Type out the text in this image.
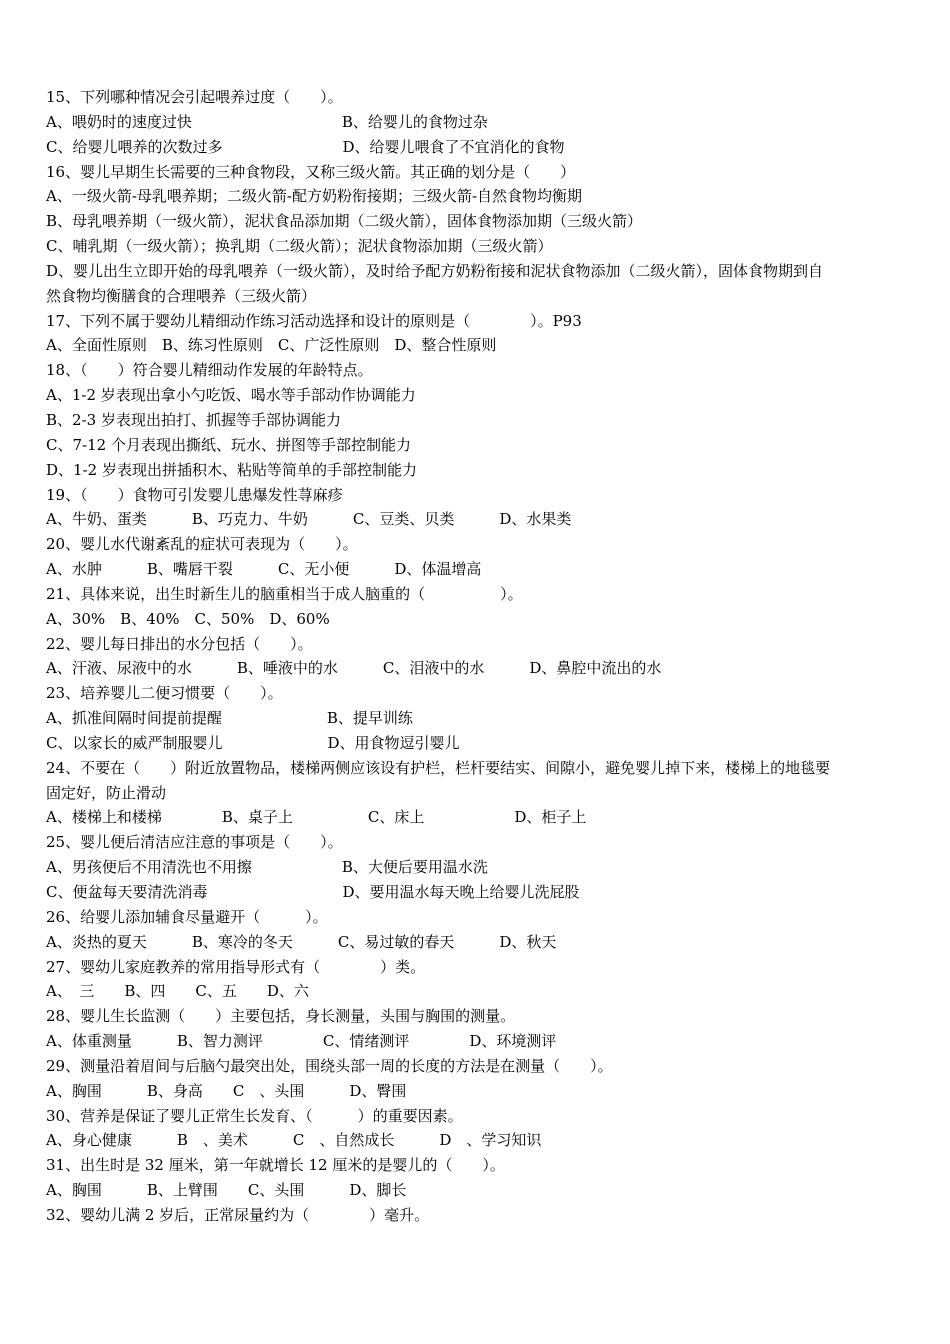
15、下列哪种情况会引起喂养过度（　　）。
A、喂奶时的速度过快　　　　　　　　　　B、给婴儿的食物过杂
C、给婴儿喂养的次数过多　　　　　　　　D、给婴儿喂食了不宜消化的食物
16、婴儿早期生长需要的三种食物段，又称三级火箭。其正确的划分是（　　）
A、一级火箭-母乳喂养期；二级火箭-配方奶粉衔接期；三级火箭-自然食物均衡期
B、母乳喂养期（一级火箭），泥状食品添加期（二级火箭），固体食物添加期（三级火箭）
C、哺乳期（一级火箭）；换乳期（二级火箭）；泥状食物添加期（三级火箭）
D、婴儿出生立即开始的母乳喂养（一级火箭），及时给予配方奶粉衔接和泥状食物添加（二级火箭），固体食物期到自
然食物均衡膳食的合理喂养（三级火箭）
17、下列不属于婴幼儿精细动作练习活动选择和设计的原则是（　　　　）。P93
A、全面性原则　B、练习性原则　C、广泛性原则　D、整合性原则
18、（　　）符合婴儿精细动作发展的年龄特点。
A、1-2 岁表现出拿小勺吃饭、喝水等手部动作协调能力
B、2-3 岁表现出拍打、抓握等手部协调能力
C、7-12 个月表现出撕纸、玩水、拼图等手部控制能力
D、1-2 岁表现出拼插积木、粘贴等简单的手部控制能力
19、（　　）食物可引发婴儿患爆发性荨麻疹
A、牛奶、蛋类　　　B、巧克力、牛奶　　　C、豆类、贝类　　　D、水果类
20、婴儿水代谢紊乱的症状可表现为（　　）。
A、水肿　　　B、嘴唇干裂　　　C、无小便　　　D、体温增高
21、具体来说，出生时新生儿的脑重相当于成人脑重的（　　　　　）。
A、30%　B、40%　C、50%　D、60%
22、婴儿每日排出的水分包括（　　）。
A、汗液、尿液中的水　　　B、唾液中的水　　　C、泪液中的水　　　D、鼻腔中流出的水
23、培养婴儿二便习惯要（　　）。
A、抓准间隔时间提前提醒　　　　　　　B、提早训练
C、以家长的威严制服婴儿　　　　　　　D、用食物逗引婴儿
24、不要在（　　）附近放置物品，楼梯两侧应该设有护栏，栏杆要结实、间隙小，避免婴儿掉下来，楼梯上的地毯要
固定好，防止滑动
A、楼梯上和楼梯　　　　B、桌子上　　　　　C、床上　　　　　　D、柜子上
25、婴儿便后清洁应注意的事项是（　　）。
A、男孩便后不用清洗也不用擦　　　　　　B、大便后要用温水洗
C、便盆每天要清洗消毒　　　　　　　　　D、要用温水每天晚上给婴儿洗屁股
26、给婴儿添加辅食尽量避开（　　　）。
A、炎热的夏天　　　B、寒冷的冬天　　　C、易过敏的春天　　　D、秋天
27、婴幼儿家庭教养的常用指导形式有（　　　　）类。
A、　三　　B、四　　C、五　　D、六
28、婴儿生长监测（　　）主要包括，身长测量，头围与胸围的测量。
A、体重测量　　　B、智力测评　　　　C、情绪测评　　　　D、环境测评
29、测量沿着眉间与后脑勺最突出处，围绕头部一周的长度的方法是在测量（　　）。
A、胸围　　　B、身高　　C　、头围　　　D、臀围
30、营养是保证了婴儿正常生长发育、（　　　）的重要因素。
A、身心健康　　　B　、美术　　　C　、自然成长　　　D　、学习知识
31、出生时是 32 厘米，第一年就增长 12 厘米的是婴儿的（　　）。
A、胸围　　　B、上臂围　　C、头围　　　D、脚长
32、婴幼儿满 2 岁后，正常尿量约为（　　　　）毫升。
